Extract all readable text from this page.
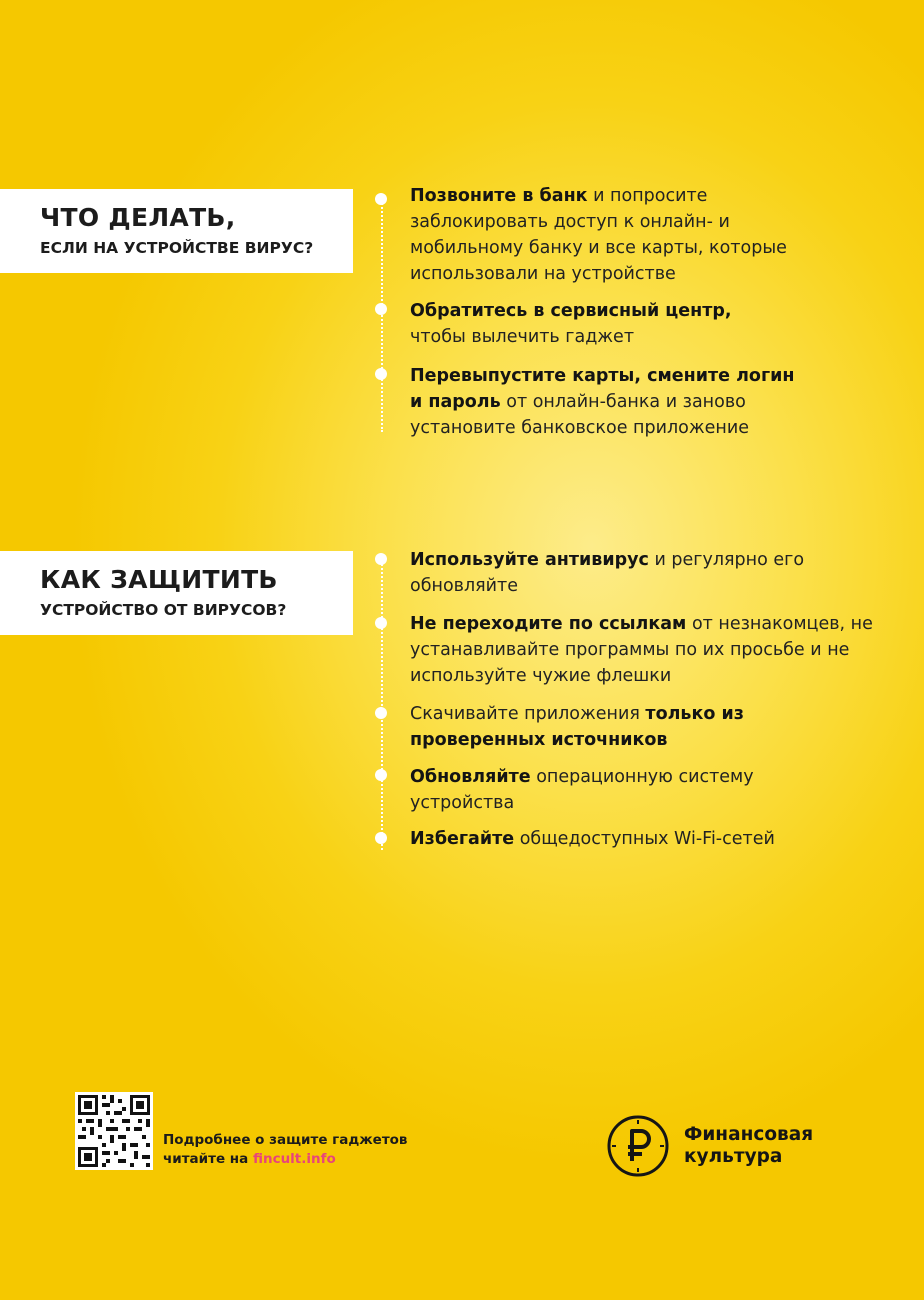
ЧТО ДЕЛАТЬ,
ЕСЛИ НА УСТРОЙСТВЕ ВИРУС?
Позвоните в банк и попросите заблокировать доступ к онлайн- и мобильному банку и все карты, которые использовали на устройстве
Обратитесь в сервисный центр, чтобы вылечить гаджет
Перевыпустите карты, смените логин и пароль от онлайн-банка и заново установите банковское приложение
КАК ЗАЩИТИТЬ
УСТРОЙСТВО ОТ ВИРУСОВ?
Используйте антивирус и регулярно его обновляйте
Не переходите по ссылкам от незнакомцев, не устанавливайте программы по их просьбе и не используйте чужие флешки
Скачивайте приложения только из проверенных источников
Обновляйте операционную систему устройства
Избегайте общедоступных Wi-Fi-сетей
Подробнее о защите гаджетов
читайте на fincult.info
Финансовая
культура
